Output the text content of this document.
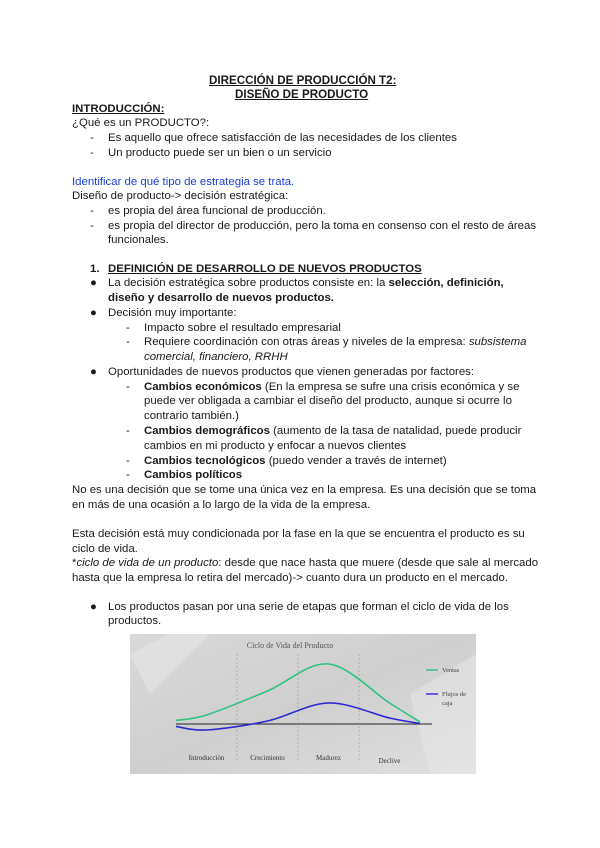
DIRECCIÓN DE PRODUCCIÓN T2:
DISEÑO DE PRODUCTO
INTRODUCCIÓN:
¿Qué es un PRODUCTO?:
- Es aquello que ofrece satisfacción de las necesidades de los clientes
- Un producto puede ser un bien o un servicio
Identificar de qué tipo de estrategia se trata.
Diseño de producto-> decisión estratégica:
- es propia del área funcional de producción.
- es propia del director de producción, pero la toma en consenso con el resto de áreas
funcionales.
1. DEFINICIÓN DE DESARROLLO DE NUEVOS PRODUCTOS
● La decisión estratégica sobre productos consiste en: la selección, definición,
diseño y desarrollo de nuevos productos.
● Decisión muy importante:
- Impacto sobre el resultado empresarial
- Requiere coordinación con otras áreas y niveles de la empresa: subsistema
comercial, financiero, RRHH
● Oportunidades de nuevos productos que vienen generadas por factores:
- Cambios económicos (En la empresa se sufre una crisis económica y se
puede ver obligada a cambiar el diseño del producto, aunque si ocurre lo
contrario también.)
- Cambios demográficos (aumento de la tasa de natalidad, puede producir
cambios en mi producto y enfocar a nuevos clientes
- Cambios tecnológicos (puedo vender a través de internet)
- Cambios políticos
No es una decisión que se tome una única vez en la empresa. Es una decisión que se toma
en más de una ocasión a lo largo de la vida de la empresa.
Esta decisión está muy condicionada por la fase en la que se encuentra el producto es su
ciclo de vida.
*ciclo de vida de un producto: desde que nace hasta que muere (desde que sale al mercado
hasta que la empresa lo retira del mercado)-> cuanto dura un producto en el mercado.
● Los productos pasan por una serie de etapas que forman el ciclo de vida de los
productos.
Ciclo de Vida del Producto
Introducción	Crecimiento	Madurez	Declive
Ventas
Flujos de
caja
